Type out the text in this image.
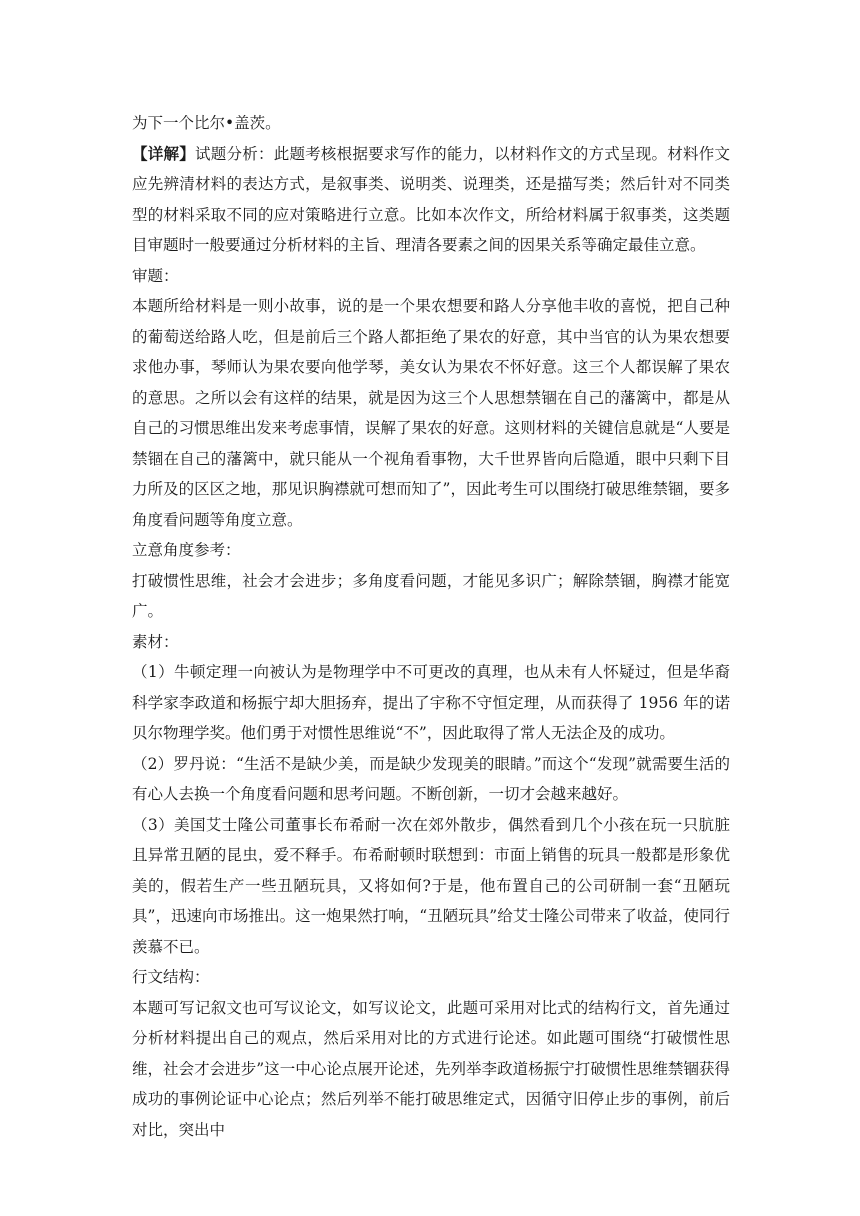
为下一个比尔•盖茨。

【详解】试题分析：此题考核根据要求写作的能力，以材料作文的方式呈现。材料作文应先辨清材料的表达方式，是叙事类、说明类、说理类，还是描写类；然后针对不同类型的材料采取不同的应对策略进行立意。比如本次作文，所给材料属于叙事类，这类题目审题时一般要通过分析材料的主旨、理清各要素之间的因果关系等确定最佳立意。

审题：

本题所给材料是一则小故事，说的是一个果农想要和路人分享他丰收的喜悦，把自己种的葡萄送给路人吃，但是前后三个路人都拒绝了果农的好意，其中当官的认为果农想要求他办事，琴师认为果农要向他学琴，美女认为果农不怀好意。这三个人都误解了果农的意思。之所以会有这样的结果，就是因为这三个人思想禁锢在自己的藩篱中，都是从自己的习惯思维出发来考虑事情，误解了果农的好意。这则材料的关键信息就是“人要是禁锢在自己的藩篱中，就只能从一个视角看事物，大千世界皆向后隐遁，眼中只剩下目力所及的区区之地，那见识胸襟就可想而知了”，因此考生可以围绕打破思维禁锢，要多角度看问题等角度立意。

立意角度参考：

打破惯性思维，社会才会进步；多角度看问题，才能见多识广；解除禁锢，胸襟才能宽广。

素材：

（1）牛顿定理一向被认为是物理学中不可更改的真理，也从未有人怀疑过，但是华裔科学家李政道和杨振宁却大胆扬弃，提出了宇称不守恒定理，从而获得了 1956 年的诺贝尔物理学奖。他们勇于对惯性思维说“不”，因此取得了常人无法企及的成功。

（2）罗丹说：“生活不是缺少美，而是缺少发现美的眼睛。”而这个“发现”就需要生活的有心人去换一个角度看问题和思考问题。不断创新，一切才会越来越好。

（3）美国艾士隆公司董事长布希耐一次在郊外散步，偶然看到几个小孩在玩一只肮脏且异常丑陋的昆虫，爱不释手。布希耐顿时联想到：市面上销售的玩具一般都是形象优美的，假若生产一些丑陋玩具，又将如何?于是，他布置自己的公司研制一套“丑陋玩具”，迅速向市场推出。这一炮果然打响，“丑陋玩具”给艾士隆公司带来了收益，使同行羡慕不已。

行文结构：

本题可写记叙文也可写议论文，如写议论文，此题可采用对比式的结构行文，首先通过分析材料提出自己的观点，然后采用对比的方式进行论述。如此题可围绕“打破惯性思维，社会才会进步”这一中心论点展开论述，先列举李政道杨振宁打破惯性思维禁锢获得成功的事例论证中心论点；然后列举不能打破思维定式，因循守旧停止步的事例，前后对比，突出中
